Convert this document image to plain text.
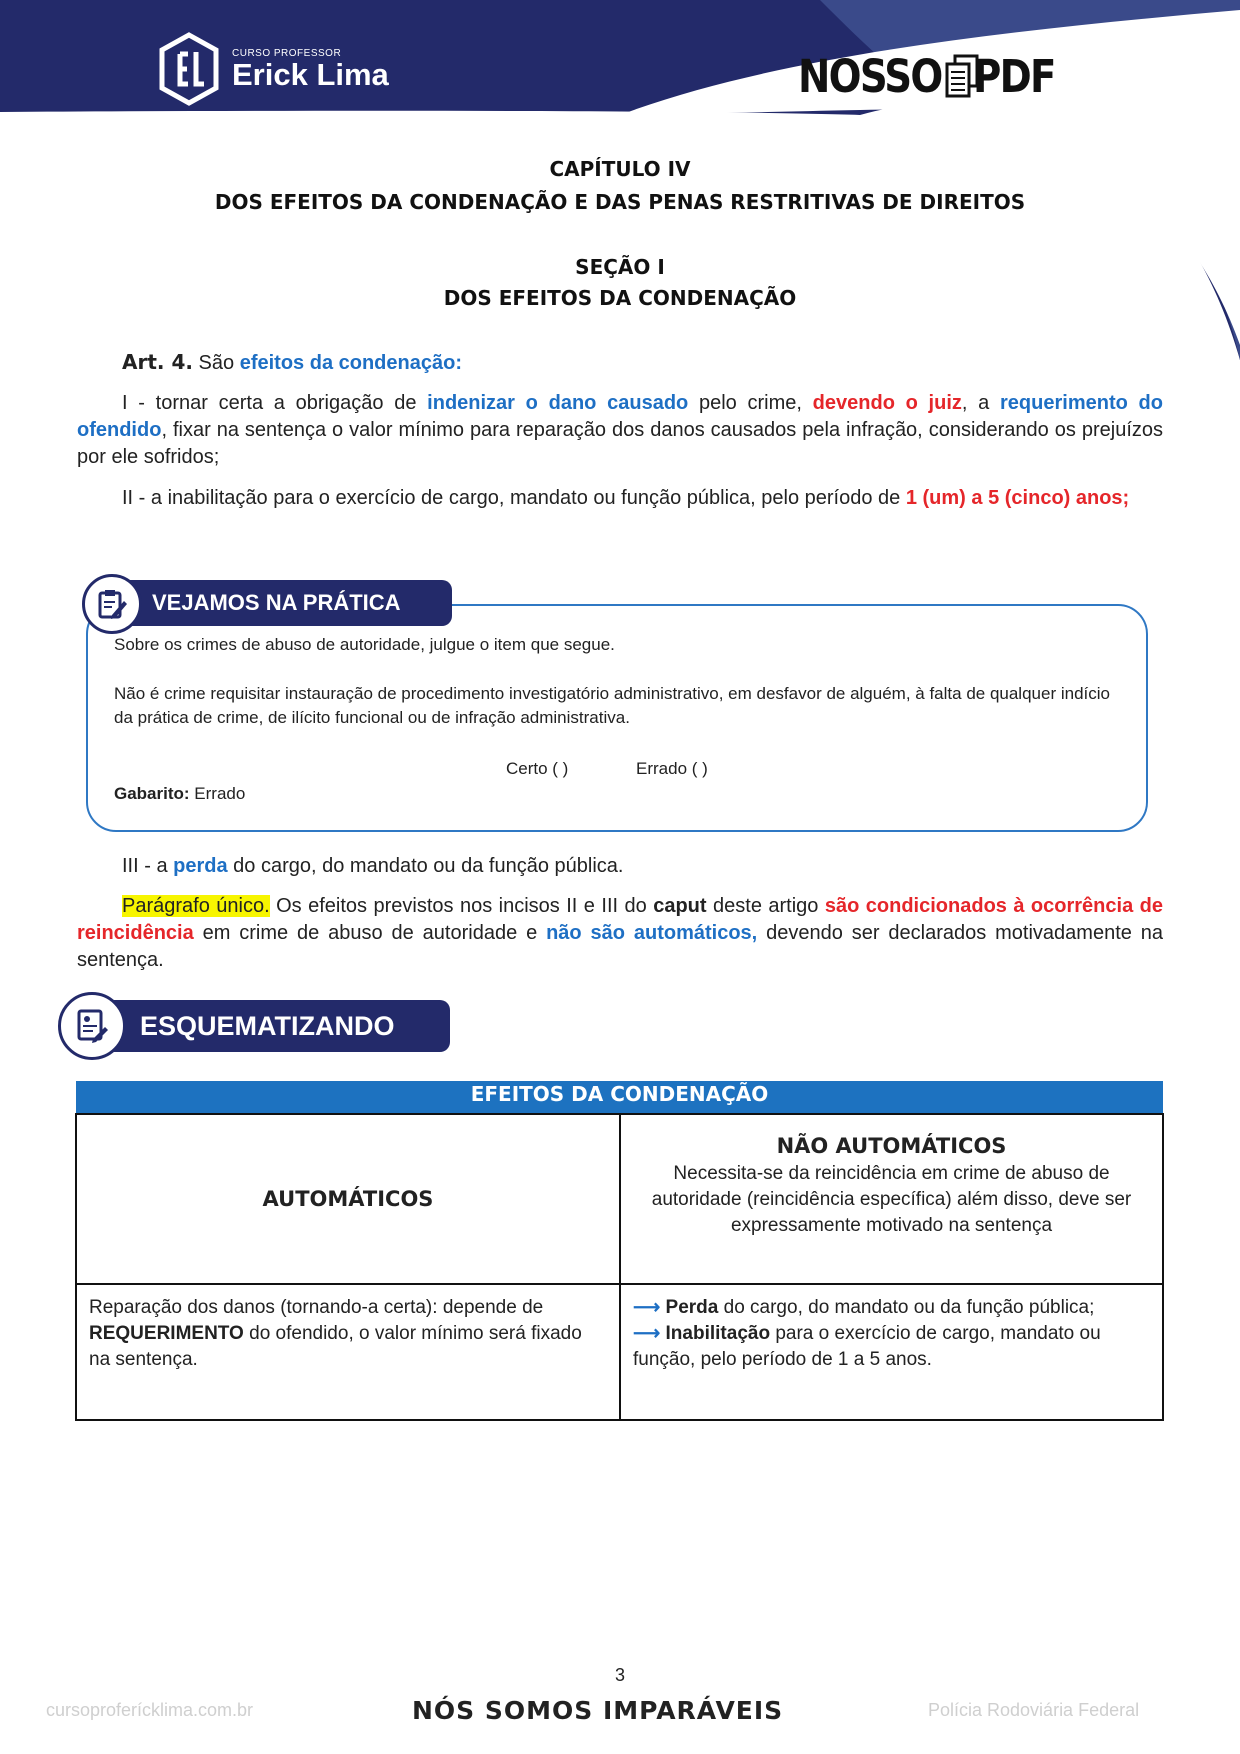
CURSO PROFESSOR
Erick Lima	NOSSO PDF
CAPÍTULO IV
DOS EFEITOS DA CONDENAÇÃO E DAS PENAS RESTRITIVAS DE DIREITOS
SEÇÃO I
DOS EFEITOS DA CONDENAÇÃO
Art. 4. São efeitos da condenação:
I - tornar certa a obrigação de indenizar o dano causado pelo crime, devendo o juiz, a requerimento do ofendido, fixar na sentença o valor mínimo para reparação dos danos causados pela infração, considerando os prejuízos por ele sofridos;
II - a inabilitação para o exercício de cargo, mandato ou função pública, pelo período de 1 (um) a 5 (cinco) anos;
VEJAMOS NA PRÁTICA
Sobre os crimes de abuso de autoridade, julgue o item que segue.
Não é crime requisitar instauração de procedimento investigatório administrativo, em desfavor de alguém, à falta de qualquer indício da prática de crime, de ilícito funcional ou de infração administrativa.
Certo ( )	Errado ( )
Gabarito: Errado
III - a perda do cargo, do mandato ou da função pública.
Parágrafo único. Os efeitos previstos nos incisos II e III do caput deste artigo são condicionados à ocorrência de reincidência em crime de abuso de autoridade e não são automáticos, devendo ser declarados motivadamente na sentença.
ESQUEMATIZANDO
EFEITOS DA CONDENAÇÃO	
AUTOMÁTICOS	NÃO AUTOMÁTICOS
Necessita-se da reincidência em crime de abuso de autoridade (reincidência específica) além disso, deve ser expressamente motivado na sentença

Reparação dos danos (tornando-a certa): depende de REQUERIMENTO do ofendido, o valor mínimo será fixado na sentença.	⟶ Perda do cargo, do mandato ou da função pública;
⟶ Inabilitação para o exercício de cargo, mandato ou função, pelo período de 1 a 5 anos.
3
cursoproferícklima.com.br	NÓS SOMOS IMPARÁVEIS	Polícia Rodoviária Federal
